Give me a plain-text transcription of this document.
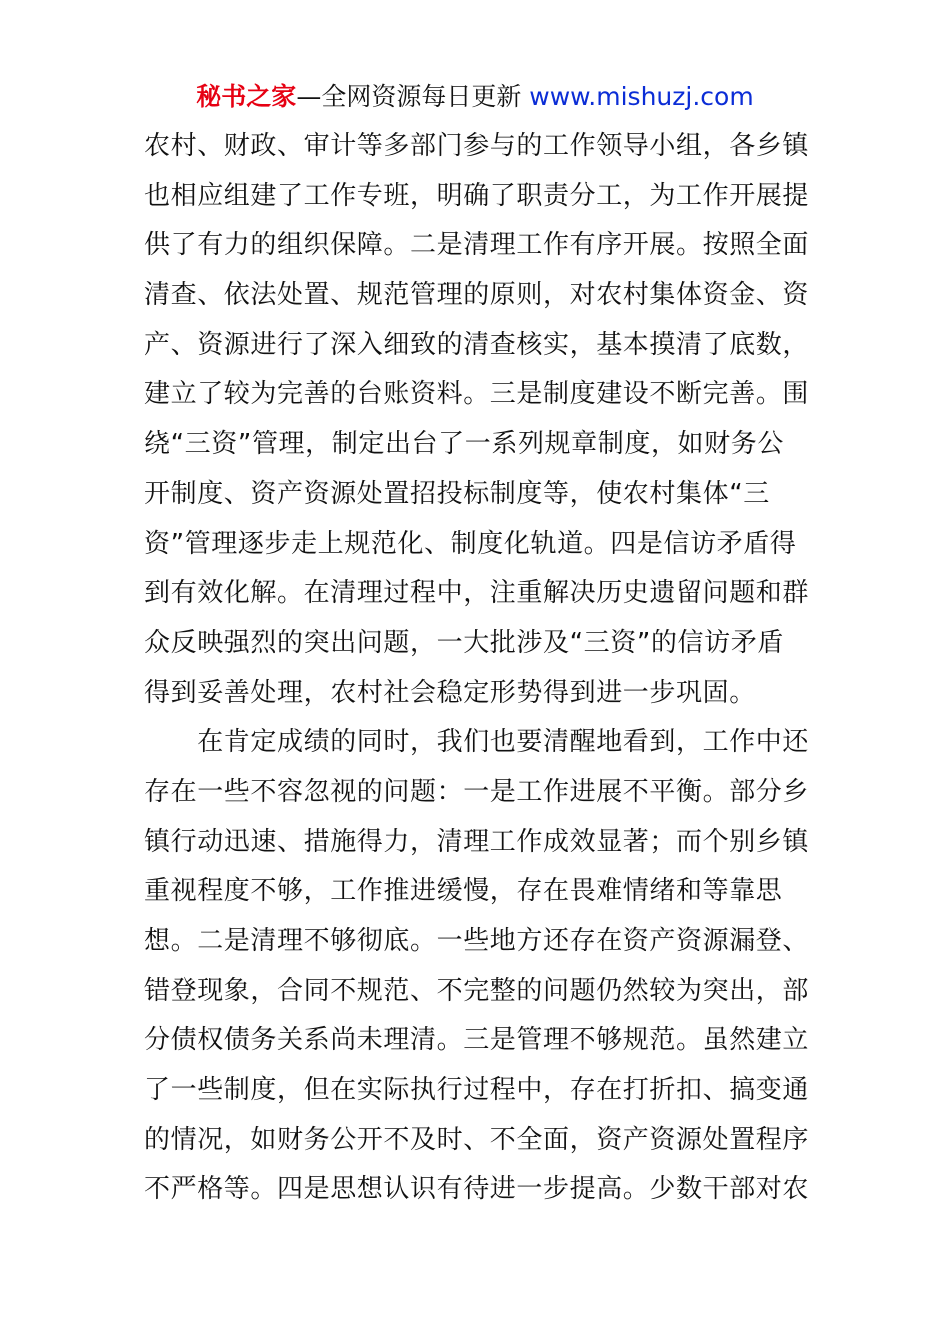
秘书之家—全网资源每日更新 www.mishuzj.com
农村、财政、审计等多部门参与的工作领导小组，各乡镇
也相应组建了工作专班，明确了职责分工，为工作开展提
供了有力的组织保障。二是清理工作有序开展。按照全面
清查、依法处置、规范管理的原则，对农村集体资金、资
产、资源进行了深入细致的清查核实，基本摸清了底数，
建立了较为完善的台账资料。三是制度建设不断完善。围
绕“三资”管理，制定出台了一系列规章制度，如财务公
开制度、资产资源处置招投标制度等，使农村集体“三
资”管理逐步走上规范化、制度化轨道。四是信访矛盾得
到有效化解。在清理过程中，注重解决历史遗留问题和群
众反映强烈的突出问题，一大批涉及“三资”的信访矛盾
得到妥善处理，农村社会稳定形势得到进一步巩固。
　　在肯定成绩的同时，我们也要清醒地看到，工作中还
存在一些不容忽视的问题：一是工作进展不平衡。部分乡
镇行动迅速、措施得力，清理工作成效显著；而个别乡镇
重视程度不够，工作推进缓慢，存在畏难情绪和等靠思
想。二是清理不够彻底。一些地方还存在资产资源漏登、
错登现象，合同不规范、不完整的问题仍然较为突出，部
分债权债务关系尚未理清。三是管理不够规范。虽然建立
了一些制度，但在实际执行过程中，存在打折扣、搞变通
的情况，如财务公开不及时、不全面，资产资源处置程序
不严格等。四是思想认识有待进一步提高。少数干部对农
